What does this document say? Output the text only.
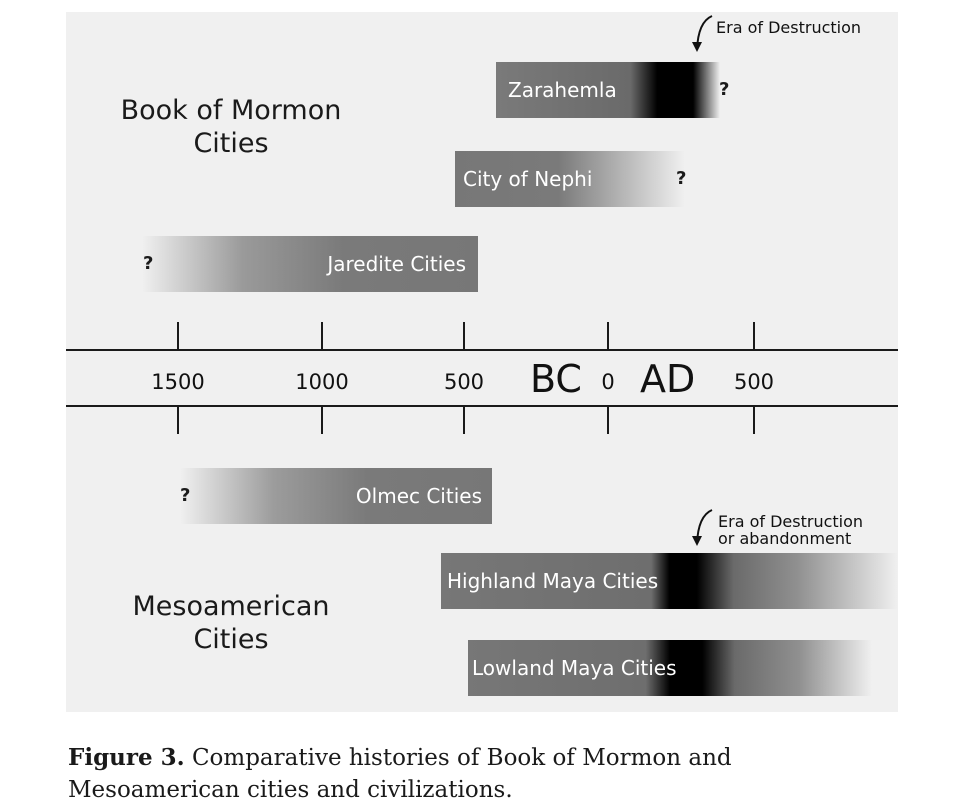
Book of Mormon Cities
Mesoamerican Cities
Zarahemla	?
City of Nephi	?
Jaredite Cities
?
1500	1000	500	0	500
BC AD
Olmec Cities
?
Highland Maya Cities
Lowland Maya Cities
Era of Destruction
Era of Destruction
or abandonment
Figure 3. Comparative histories of Book of Mormon and Mesoamerican cities and civilizations.
